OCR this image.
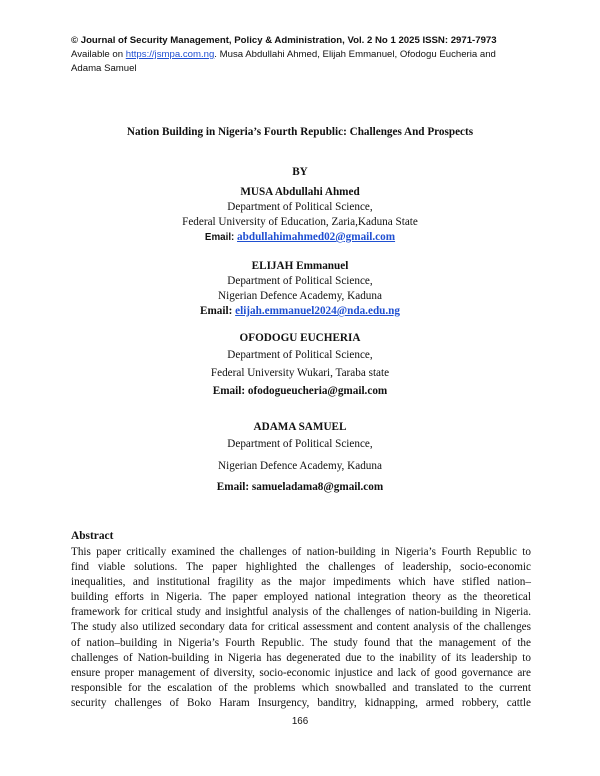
© Journal of Security Management, Policy & Administration, Vol. 2 No 1 2025 ISSN: 2971-7973
Available on https://jsmpa.com.ng. Musa Abdullahi Ahmed, Elijah Emmanuel, Ofodogu Eucheria and
Adama Samuel
Nation Building in Nigeria’s Fourth Republic: Challenges And Prospects
BY
MUSA Abdullahi Ahmed
Department of Political Science,
Federal University of Education, Zaria,Kaduna State
Email: abdullahimahmed02@gmail.com
ELIJAH Emmanuel
Department of Political Science,
Nigerian Defence Academy, Kaduna
Email: elijah.emmanuel2024@nda.edu.ng
OFODOGU EUCHERIA
Department of Political Science,
Federal University Wukari, Taraba state
Email: ofodogueucheria@gmail.com
ADAMA SAMUEL
Department of Political Science,
Nigerian Defence Academy, Kaduna
Email: samueladama8@gmail.com
Abstract
This paper critically examined the challenges of nation-building in Nigeria’s Fourth Republic to
find viable solutions. The paper highlighted the challenges of leadership, socio-economic
inequalities, and institutional fragility as the major impediments which have stifled nation–
building efforts in Nigeria. The paper employed national integration theory as the theoretical
framework for critical study and insightful analysis of the challenges of nation-building in Nigeria.
The study also utilized secondary data for critical assessment and content analysis of the challenges
of nation–building in Nigeria’s Fourth Republic. The study found that the management of the
challenges of Nation-building in Nigeria has degenerated due to the inability of its leadership to
ensure proper management of diversity, socio-economic injustice and lack of good governance are
responsible for the escalation of the problems which snowballed and translated to the current
security challenges of Boko Haram Insurgency, banditry, kidnapping, armed robbery, cattle
166
